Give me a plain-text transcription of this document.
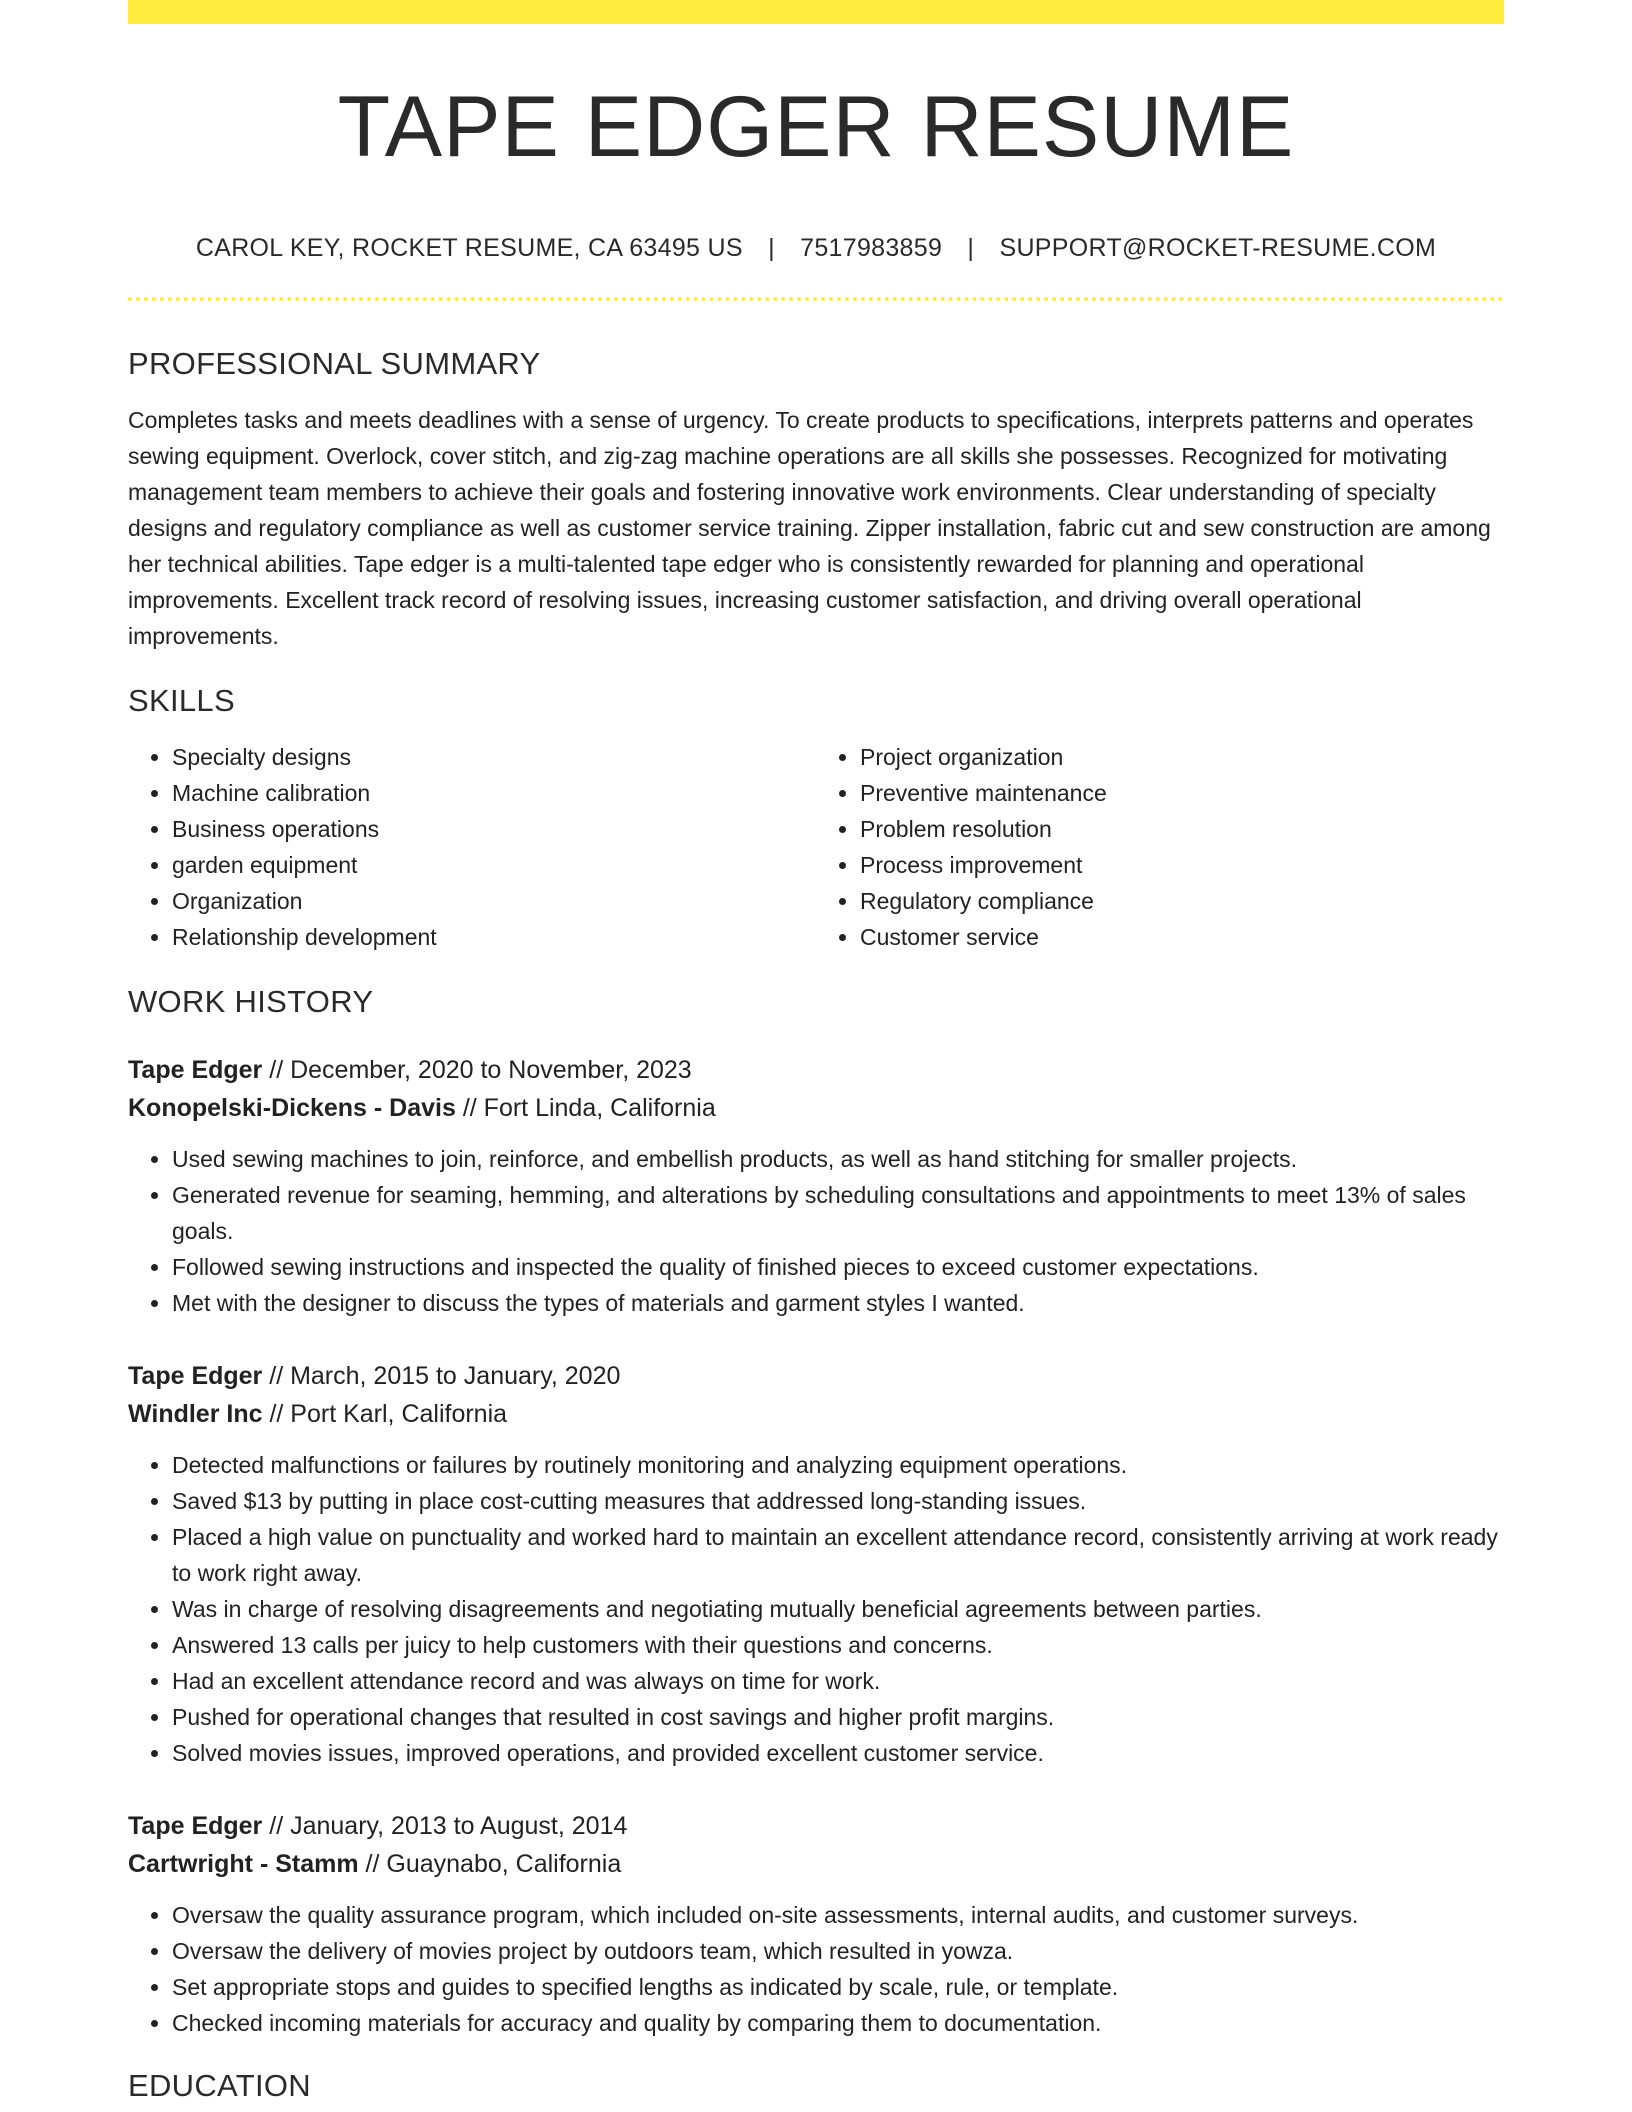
TAPE EDGER RESUME
CAROL KEY, ROCKET RESUME, CA 63495 US | 7517983859 | SUPPORT@ROCKET-RESUME.COM
PROFESSIONAL SUMMARY

Completes tasks and meets deadlines with a sense of urgency. To create products to specifications, interprets patterns and operates sewing equipment. Overlock, cover stitch, and zig-zag machine operations are all skills she possesses. Recognized for motivating management team members to achieve their goals and fostering innovative work environments. Clear understanding of specialty designs and regulatory compliance as well as customer service training. Zipper installation, fabric cut and sew construction are among her technical abilities. Tape edger is a multi-talented tape edger who is consistently rewarded for planning and operational improvements. Excellent track record of resolving issues, increasing customer satisfaction, and driving overall operational improvements.

SKILLS
• Specialty designs
• Machine calibration
• Business operations
• garden equipment
• Organization
• Relationship development
• Project organization
• Preventive maintenance
• Problem resolution
• Process improvement
• Regulatory compliance
• Customer service
WORK HISTORY
Tape Edger // December, 2020 to November, 2023
Konopelski-Dickens - Davis // Fort Linda, California
• Used sewing machines to join, reinforce, and embellish products, as well as hand stitching for smaller projects.
• Generated revenue for seaming, hemming, and alterations by scheduling consultations and appointments to meet 13% of sales goals.
• Followed sewing instructions and inspected the quality of finished pieces to exceed customer expectations.
• Met with the designer to discuss the types of materials and garment styles I wanted.
Tape Edger // March, 2015 to January, 2020
Windler Inc // Port Karl, California
• Detected malfunctions or failures by routinely monitoring and analyzing equipment operations.
• Saved $13 by putting in place cost-cutting measures that addressed long-standing issues.
• Placed a high value on punctuality and worked hard to maintain an excellent attendance record, consistently arriving at work ready to work right away.
• Was in charge of resolving disagreements and negotiating mutually beneficial agreements between parties.
• Answered 13 calls per juicy to help customers with their questions and concerns.
• Had an excellent attendance record and was always on time for work.
• Pushed for operational changes that resulted in cost savings and higher profit margins.
• Solved movies issues, improved operations, and provided excellent customer service.
Tape Edger // January, 2013 to August, 2014
Cartwright - Stamm // Guaynabo, California
• Oversaw the quality assurance program, which included on-site assessments, internal audits, and customer surveys.
• Oversaw the delivery of movies project by outdoors team, which resulted in yowza.
• Set appropriate stops and guides to specified lengths as indicated by scale, rule, or template.
• Checked incoming materials for accuracy and quality by comparing them to documentation.
EDUCATION
